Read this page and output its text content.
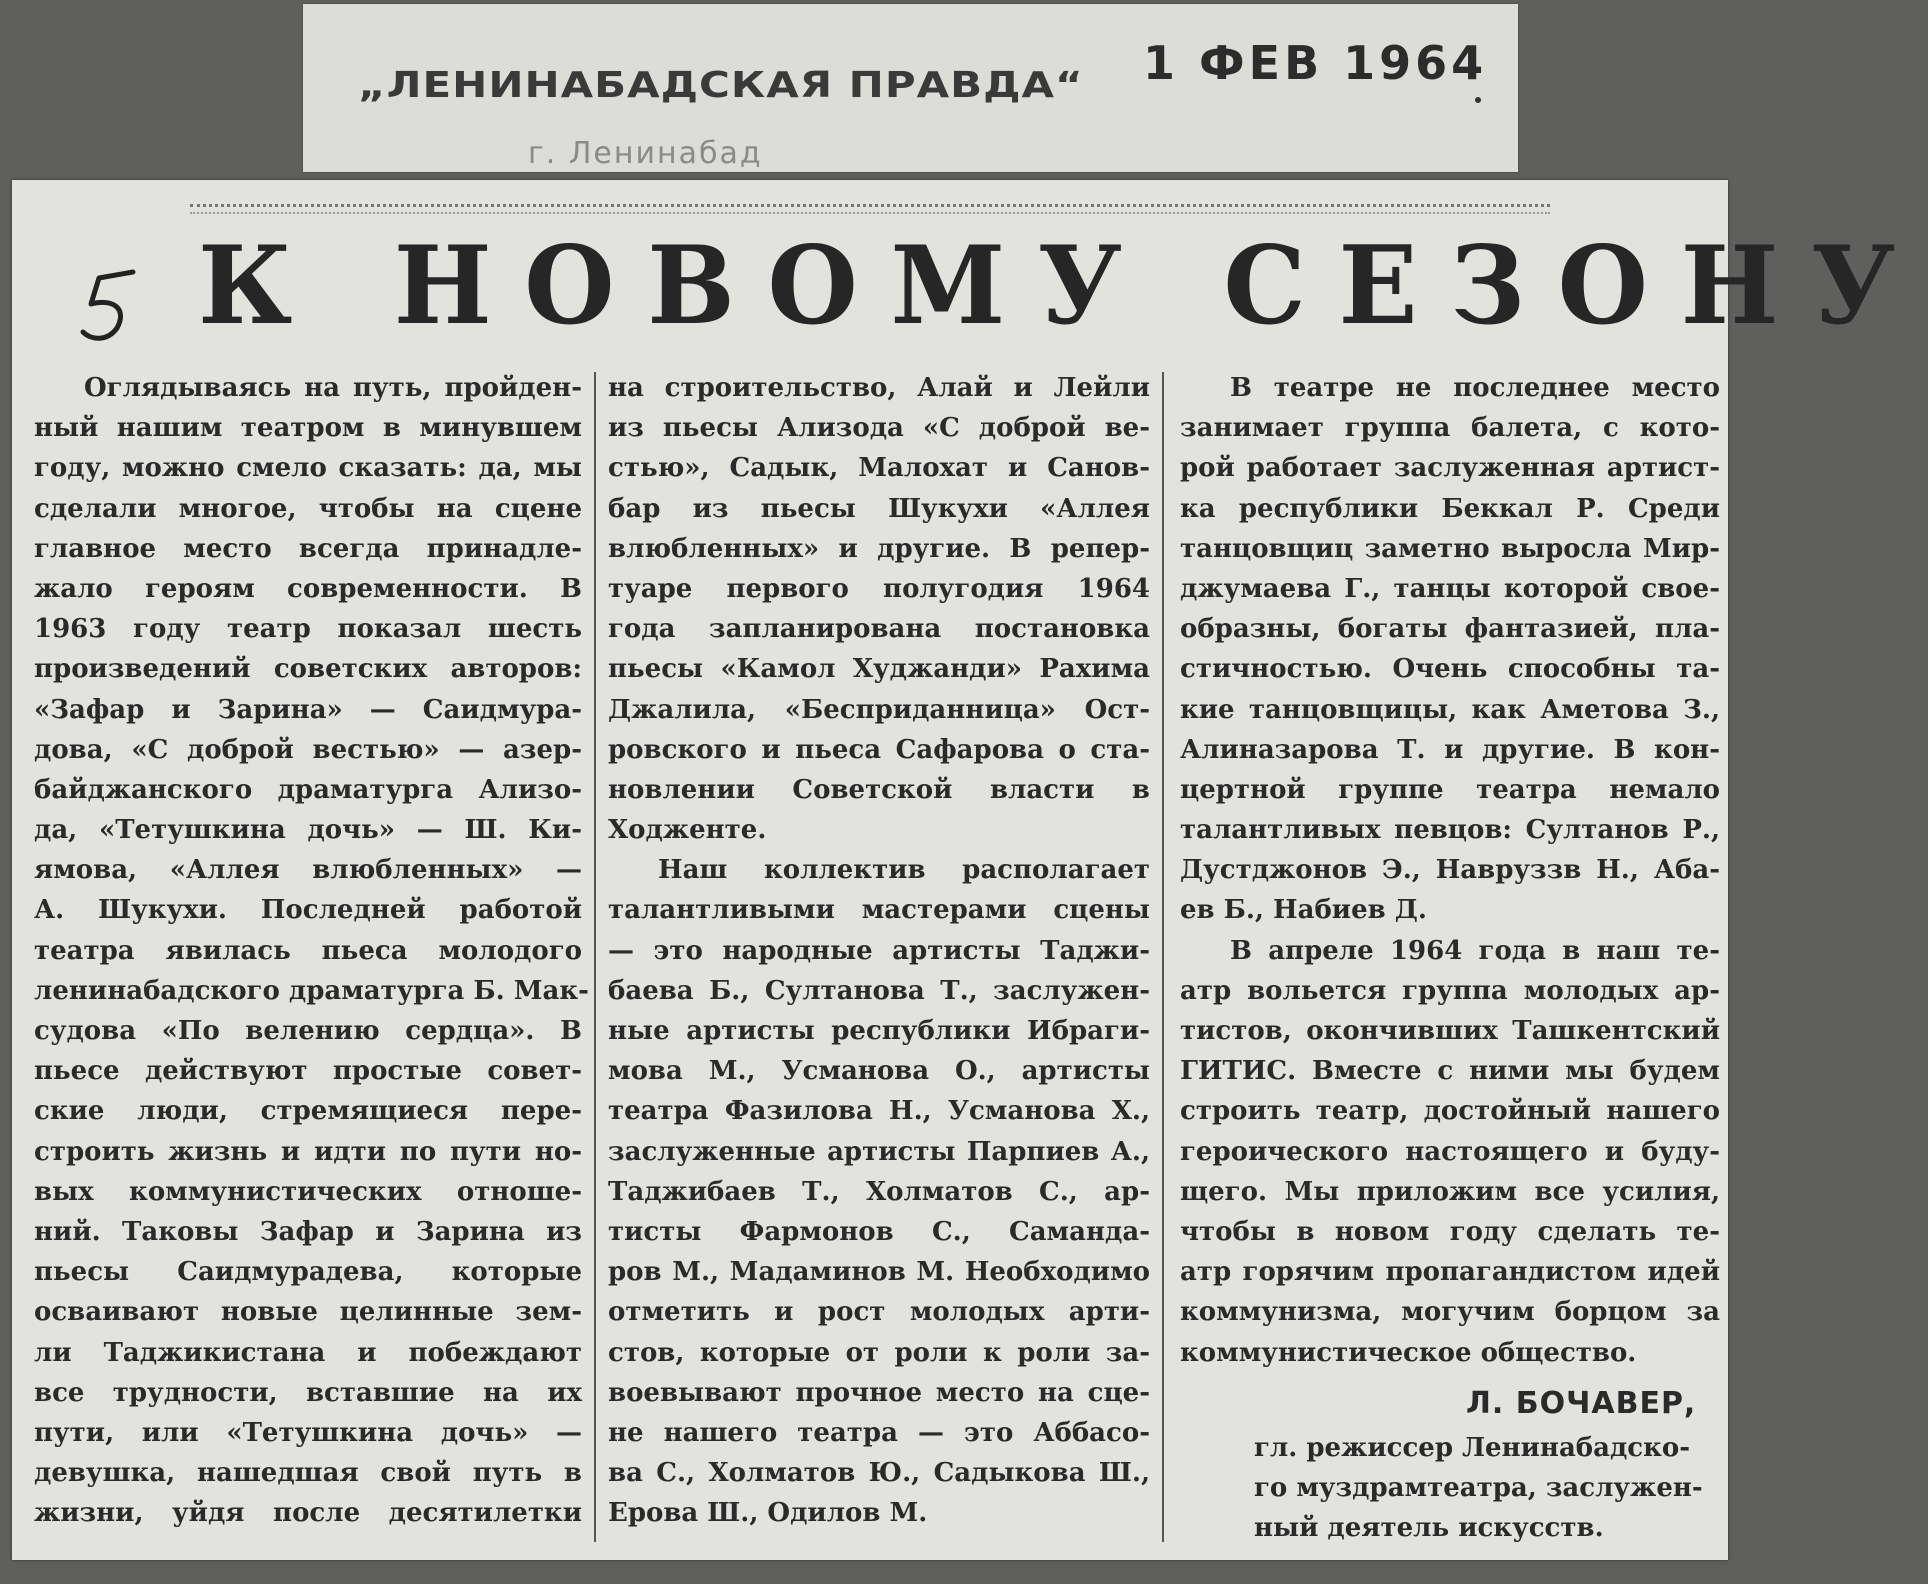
„ЛЕНИНАБАДСКАЯ ПРАВДА“
г. Ленинабад
1 ФЕВ 1964
К НОВОМУ СЕЗОНУ
Оглядываясь на путь, пройден-
ный нашим театром в минувшем
году, можно смело сказать: да, мы
сделали многое, чтобы на сцене
главное место всегда принадле-
жало героям современности. В
1963 году театр показал шесть
произведений советских авторов:
«Зафар и Зарина» — Саидмура-
дова, «С доброй вестью» — азер-
байджанского драматурга Ализо-
да, «Тетушкина дочь» — Ш. Ки-
ямова, «Аллея влюбленных» —
А. Шукухи. Последней работой
театра явилась пьеса молодого
ленинабадского драматурга Б. Мак-
судова «По велению сердца». В
пьесе действуют простые совет-
ские люди, стремящиеся пере-
строить жизнь и идти по пути но-
вых коммунистических отноше-
ний. Таковы Зафар и Зарина из
пьесы Саидмурадева, которые
осваивают новые целинные зем-
ли Таджикистана и побеждают
все трудности, вставшие на их
пути, или «Тетушкина дочь» —
девушка, нашедшая свой путь в
жизни, уйдя после десятилетки
на строительство, Алай и Лейли
из пьесы Ализода «С доброй ве-
стью», Садык, Малохат и Санов-
бар из пьесы Шукухи «Аллея
влюбленных» и другие. В репер-
туаре первого полугодия 1964
года запланирована постановка
пьесы «Камол Худжанди» Рахима
Джалила, «Бесприданница» Ост-
ровского и пьеса Сафарова о ста-
новлении Советской власти в
Ходженте.
Наш коллектив располагает
талантливыми мастерами сцены
— это народные артисты Таджи-
баева Б., Султанова Т., заслужен-
ные артисты республики Ибраги-
мова М., Усманова О., артисты
театра Фазилова Н., Усманова Х.,
заслуженные артисты Парпиев А.,
Таджибаев Т., Холматов С., ар-
тисты Фармонов С., Самандa-
ров М., Мадаминов М. Необходимо
отметить и рост молодых арти-
стов, которые от роли к роли за-
воевывают прочное место на сце-
не нашего театра — это Аббасо-
ва С., Холматов Ю., Садыкова Ш.,
Ерова Ш., Одилов М.
В театре не последнее место
занимает группа балета, с кото-
рой работает заслуженная артист-
ка республики Беккал Р. Среди
танцовщиц заметно выросла Мир-
джумаева Г., танцы которой свое-
образны, богаты фантазией, пла-
стичностью. Очень способны та-
кие танцовщицы, как Аметова З.,
Алиназарова Т. и другие. В кон-
цертной группе театра немало
талантливых певцов: Султанов Р.,
Дустджонов Э., Навруззв Н., Аба-
ев Б., Набиев Д.
В апреле 1964 года в наш те-
атр вольется группа молодых ар-
тистов, окончивших Ташкентский
ГИТИС. Вместе с ними мы будем
строить театр, достойный нашего
героического настоящего и буду-
щего. Мы приложим все усилия,
чтобы в новом году сделать те-
атр горячим пропагандистом идей
коммунизма, могучим борцом за
коммунистическое общество.
Л. БОЧАВЕР,
гл. режиссер Ленинабадско-
го муздрамтеатра, заслужен-
ный деятель искусств.
